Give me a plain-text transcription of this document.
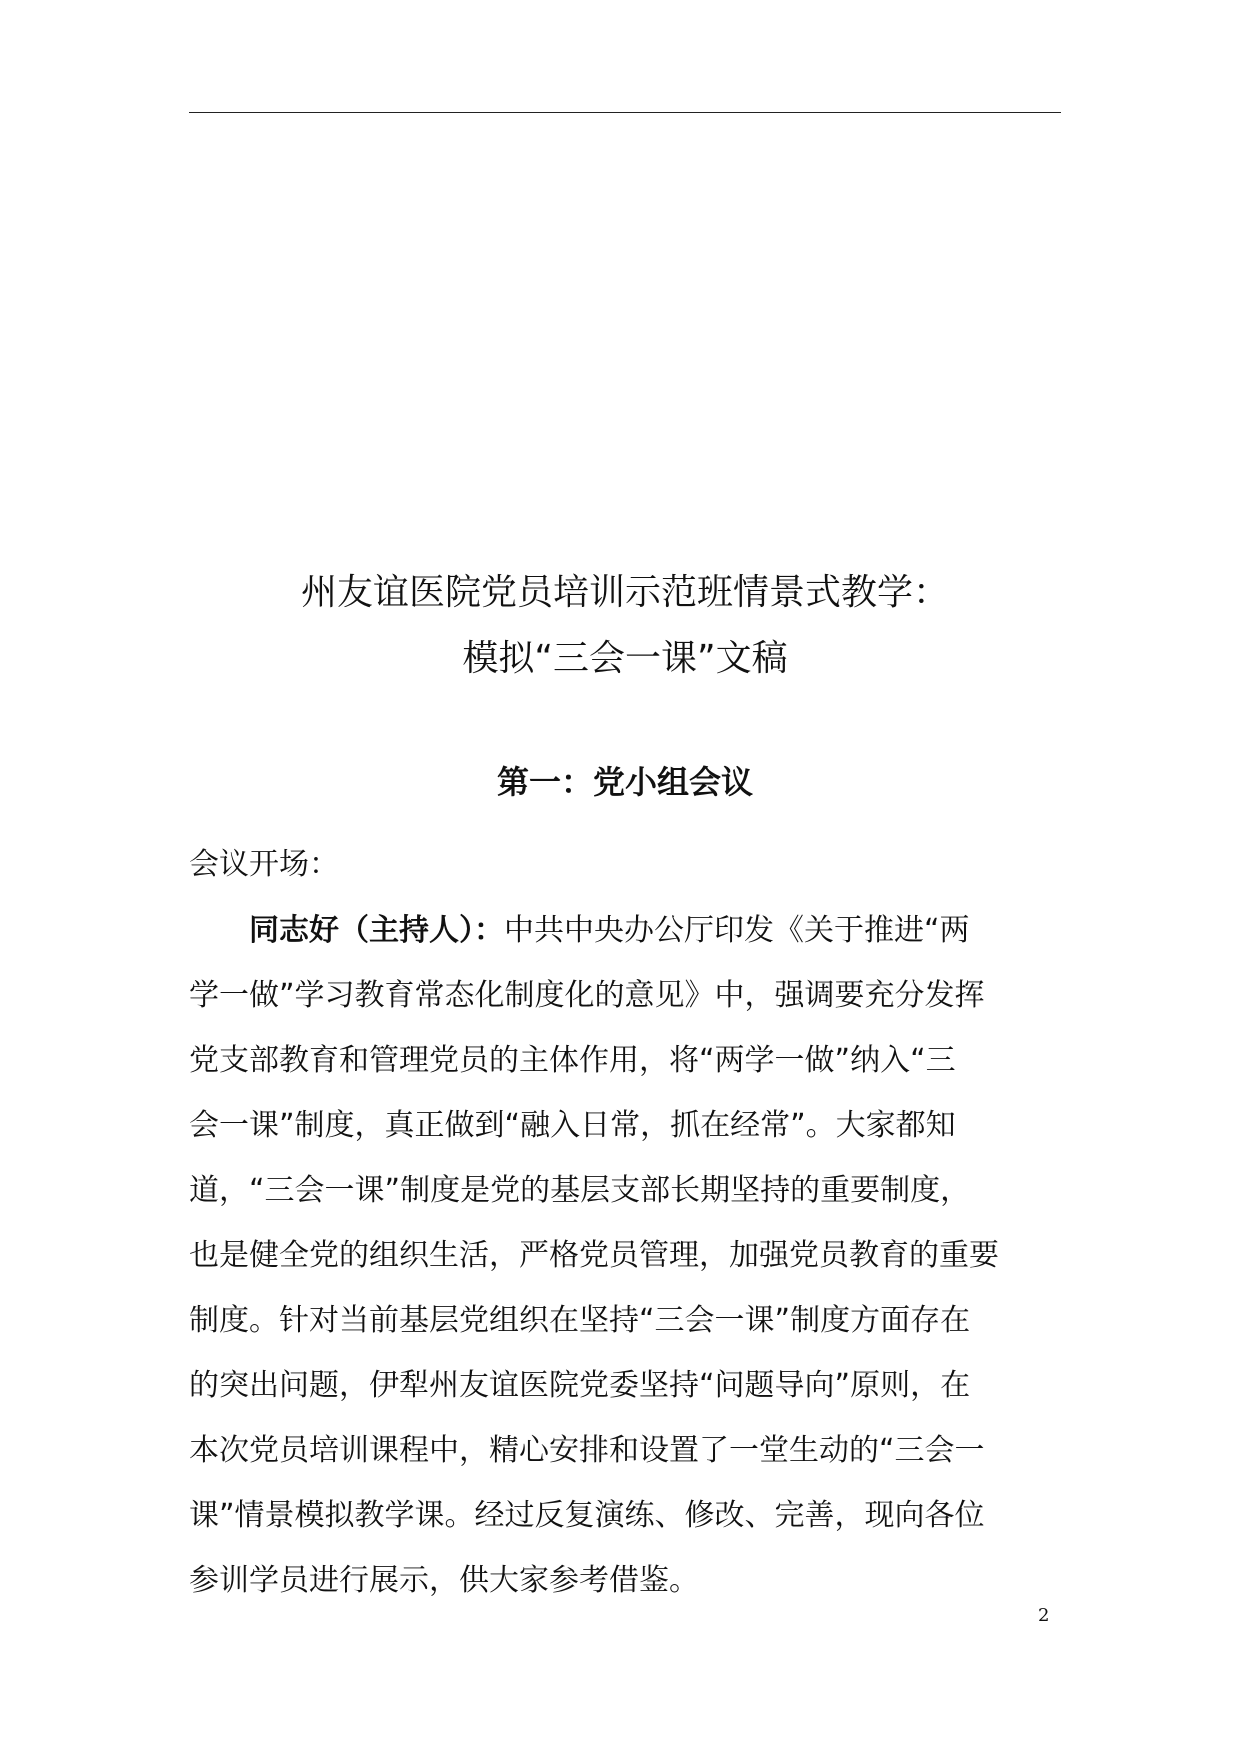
州友谊医院党员培训示范班情景式教学：
模拟“三会一课”文稿
第一：党小组会议
会议开场：
同志好（主持人）：中共中央办公厅印发《关于推进“两
学一做”学习教育常态化制度化的意见》中，强调要充分发挥
党支部教育和管理党员的主体作用，将“两学一做”纳入“三
会一课”制度，真正做到“融入日常，抓在经常”。大家都知
道，“三会一课”制度是党的基层支部长期坚持的重要制度，
也是健全党的组织生活，严格党员管理，加强党员教育的重要
制度。针对当前基层党组织在坚持“三会一课”制度方面存在
的突出问题，伊犁州友谊医院党委坚持“问题导向”原则，在
本次党员培训课程中，精心安排和设置了一堂生动的“三会一
课”情景模拟教学课。经过反复演练、修改、完善，现向各位
参训学员进行展示，供大家参考借鉴。
2
